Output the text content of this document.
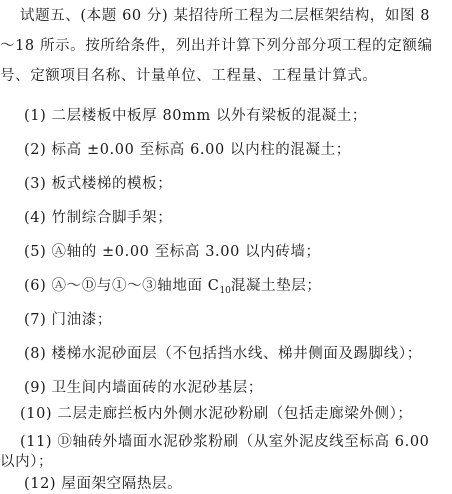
试题五、(本题 60 分) 某招待所工程为二层框架结构，如图 8
～18 所示。按所给条件，列出并计算下列分部分项工程的定额编
号、定额项目名称、计量单位、工程量、工程量计算式。
(1) 二层楼板中板厚 80mm 以外有梁板的混凝土；
(2) 标高 ±0.00 至标高 6.00 以内柱的混凝土；
(3) 板式楼梯的模板；
(4) 竹制综合脚手架；
(5) Ⓐ轴的 ±0.00 至标高 3.00 以内砖墙；
(6) Ⓐ～Ⓓ与①～③轴地面 $C_{10}$混凝土垫层；
(7) 门油漆；
(8) 楼梯水泥砂面层（不包括挡水线、梯井侧面及踢脚线）；
(9) 卫生间内墙面砖的水泥砂基层；
(10) 二层走廊拦板内外侧水泥砂粉刷（包括走廊梁外侧）；
(11) Ⓓ轴砖外墙面水泥砂浆粉刷（从室外泥皮线至标高 6.00
以内）；
(12) 屋面架空隔热层。
